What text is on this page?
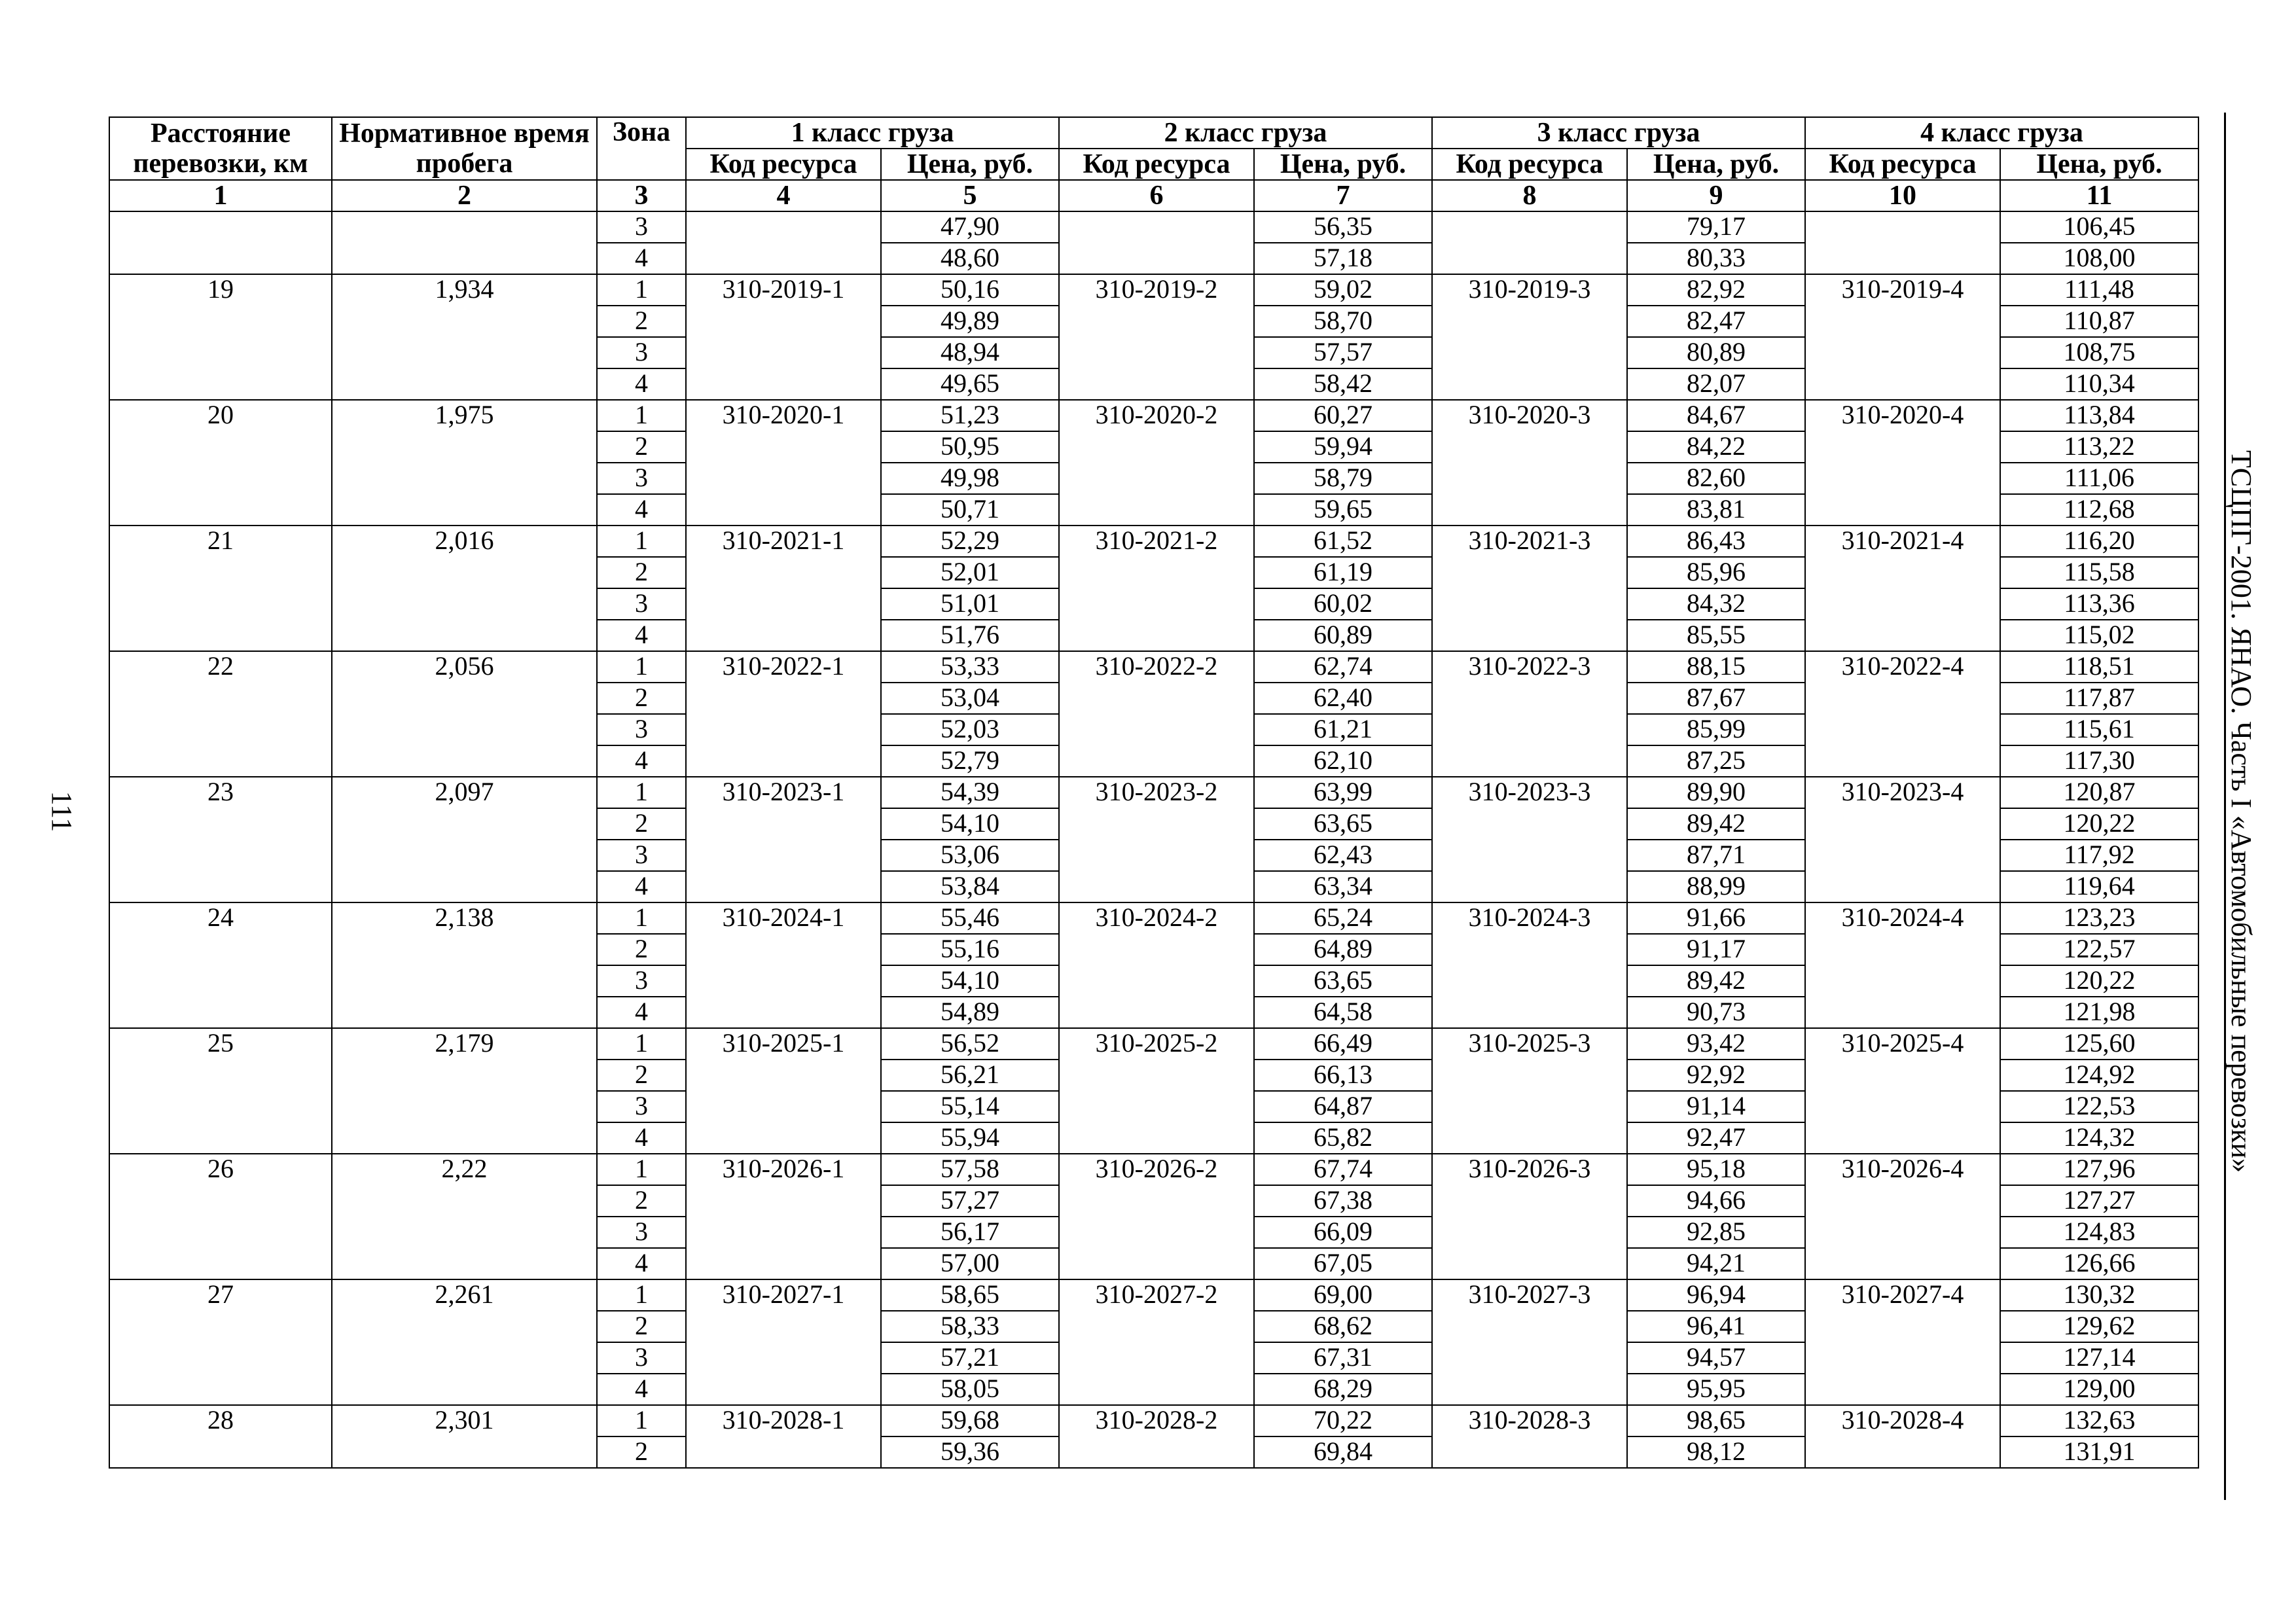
111	ТСЦПГ-2001. ЯНАО. Часть I «Автомобильные перевозки»
Расстояние перевозки, км	Нормативное время пробега	Зона	1 класс груза		2 класс груза		3 класс груза		4 класс груза	
			Код ресурса	Цена, руб.	Код ресурса	Цена, руб.	Код ресурса	Цена, руб.	Код ресурса	Цена, руб.
1	2	3	4	5	6	7	8	9	10	11
		3		47,90		56,35		79,17		106,45
		4		48,60		57,18		80,33		108,00
19	1,934	1	310-2019-1	50,16	310-2019-2	59,02	310-2019-3	82,92	310-2019-4	111,48
		2		49,89		58,70		82,47		110,87
		3		48,94		57,57		80,89		108,75
		4		49,65		58,42		82,07		110,34
20	1,975	1	310-2020-1	51,23	310-2020-2	60,27	310-2020-3	84,67	310-2020-4	113,84
		2		50,95		59,94		84,22		113,22
		3		49,98		58,79		82,60		111,06
		4		50,71		59,65		83,81		112,68
21	2,016	1	310-2021-1	52,29	310-2021-2	61,52	310-2021-3	86,43	310-2021-4	116,20
		2		52,01		61,19		85,96		115,58
		3		51,01		60,02		84,32		113,36
		4		51,76		60,89		85,55		115,02
22	2,056	1	310-2022-1	53,33	310-2022-2	62,74	310-2022-3	88,15	310-2022-4	118,51
		2		53,04		62,40		87,67		117,87
		3		52,03		61,21		85,99		115,61
		4		52,79		62,10		87,25		117,30
23	2,097	1	310-2023-1	54,39	310-2023-2	63,99	310-2023-3	89,90	310-2023-4	120,87
		2		54,10		63,65		89,42		120,22
		3		53,06		62,43		87,71		117,92
		4		53,84		63,34		88,99		119,64
24	2,138	1	310-2024-1	55,46	310-2024-2	65,24	310-2024-3	91,66	310-2024-4	123,23
		2		55,16		64,89		91,17		122,57
		3		54,10		63,65		89,42		120,22
		4		54,89		64,58		90,73		121,98
25	2,179	1	310-2025-1	56,52	310-2025-2	66,49	310-2025-3	93,42	310-2025-4	125,60
		2		56,21		66,13		92,92		124,92
		3		55,14		64,87		91,14		122,53
		4		55,94		65,82		92,47		124,32
26	2,22	1	310-2026-1	57,58	310-2026-2	67,74	310-2026-3	95,18	310-2026-4	127,96
		2		57,27		67,38		94,66		127,27
		3		56,17		66,09		92,85		124,83
		4		57,00		67,05		94,21		126,66
27	2,261	1	310-2027-1	58,65	310-2027-2	69,00	310-2027-3	96,94	310-2027-4	130,32
		2		58,33		68,62		96,41		129,62
		3		57,21		67,31		94,57		127,14
		4		58,05		68,29		95,95		129,00
28	2,301	1	310-2028-1	59,68	310-2028-2	70,22	310-2028-3	98,65	310-2028-4	132,63
		2		59,36		69,84		98,12		131,91
